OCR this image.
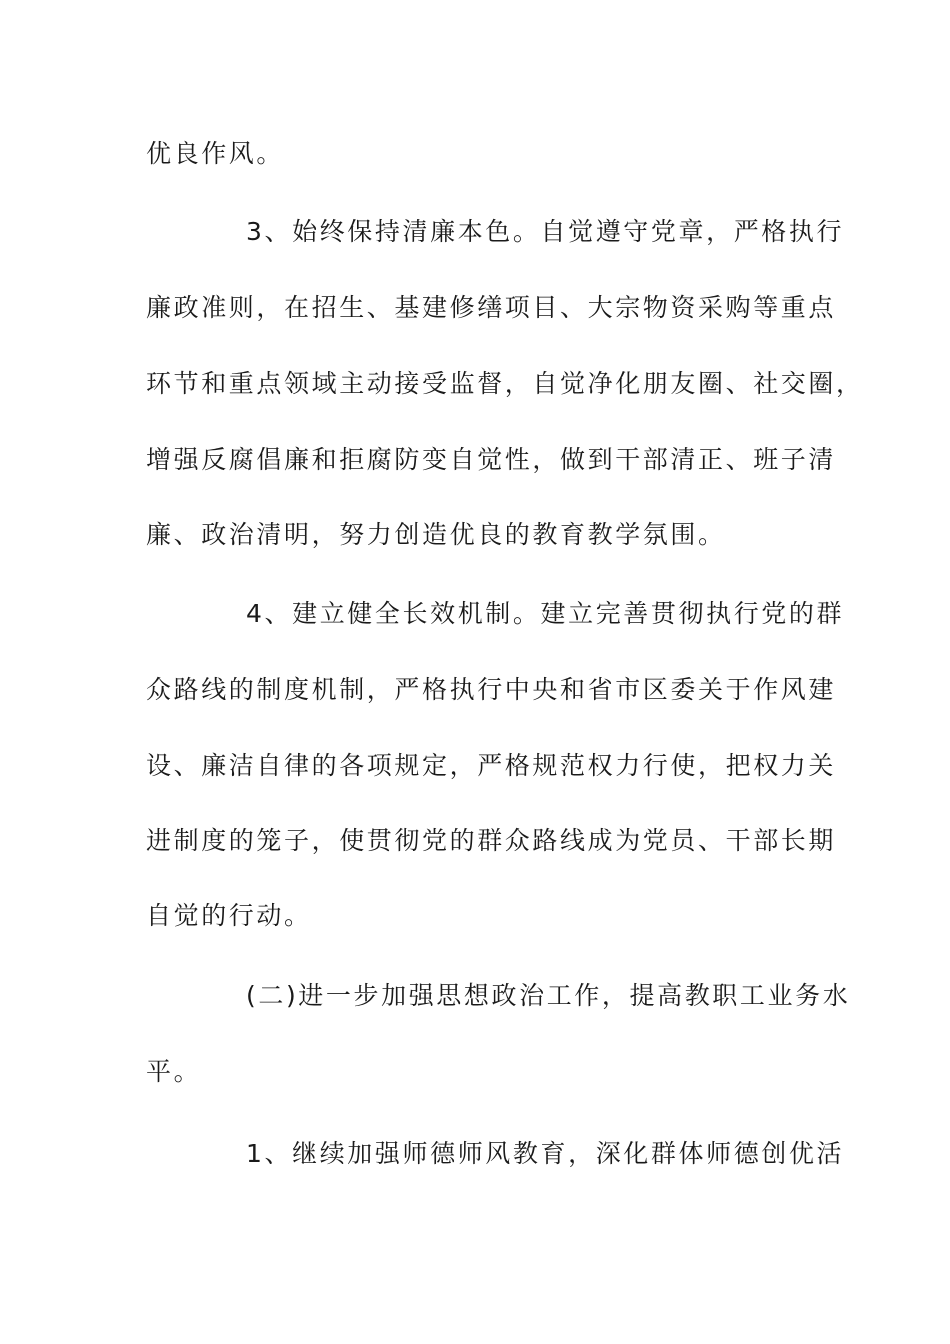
优良作风。
3、始终保持清廉本色。自觉遵守党章，严格执行
廉政准则，在招生、基建修缮项目、大宗物资采购等重点
环节和重点领域主动接受监督，自觉净化朋友圈、社交圈，
增强反腐倡廉和拒腐防变自觉性，做到干部清正、班子清
廉、政治清明，努力创造优良的教育教学氛围。
4、建立健全长效机制。建立完善贯彻执行党的群
众路线的制度机制，严格执行中央和省市区委关于作风建
设、廉洁自律的各项规定，严格规范权力行使，把权力关
进制度的笼子，使贯彻党的群众路线成为党员、干部长期
自觉的行动。
(二)进一步加强思想政治工作，提高教职工业务水
平。
1、继续加强师德师风教育，深化群体师德创优活
